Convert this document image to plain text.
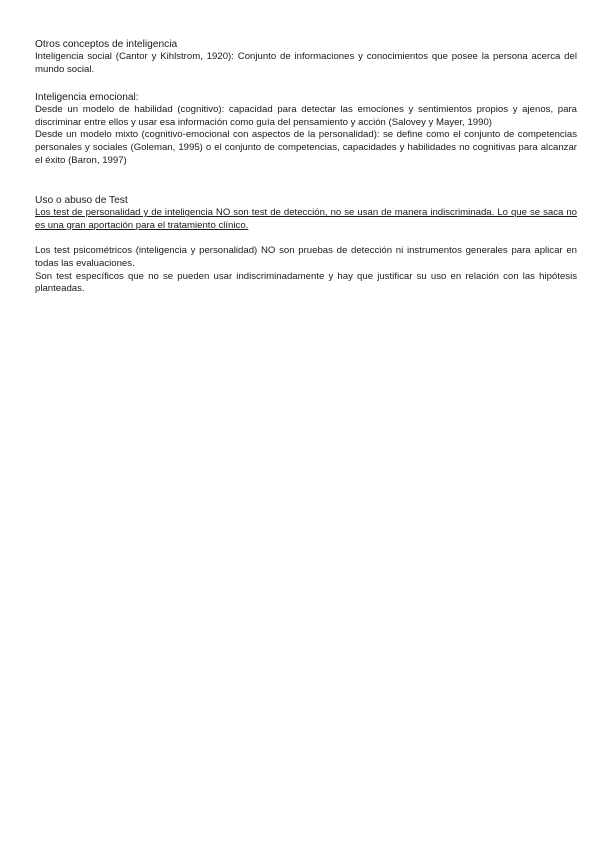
Otros conceptos de inteligencia

Inteligencia social (Cantor y Kihlstrom, 1920): Conjunto de informaciones y conocimientos que posee la persona acerca del mundo social.

Inteligencia emocional:

Desde un modelo de habilidad (cognitivo): capacidad para detectar las emociones y sentimientos propios y ajenos, para discriminar entre ellos y usar esa información como guía del pensamiento y acción (Salovey y Mayer, 1990)

Desde un modelo mixto (cognitivo-emocional con aspectos de la personalidad): se define como el conjunto de competencias personales y sociales (Goleman, 1995) o el conjunto de competencias, capacidades y habilidades no cognitivas para alcanzar el éxito (Baron, 1997)

Uso o abuso de Test

Los test de personalidad y de inteligencia NO son test de detección, no se usan de manera indiscriminada. Lo que se saca no es una gran aportación para el tratamiento clínico.

Los test psicométricos (inteligencia y personalidad) NO son pruebas de detección ni instrumentos generales para aplicar en todas las evaluaciones.

Son test específicos que no se pueden usar indiscriminadamente y hay que justificar su uso en relación con las hipótesis planteadas.
